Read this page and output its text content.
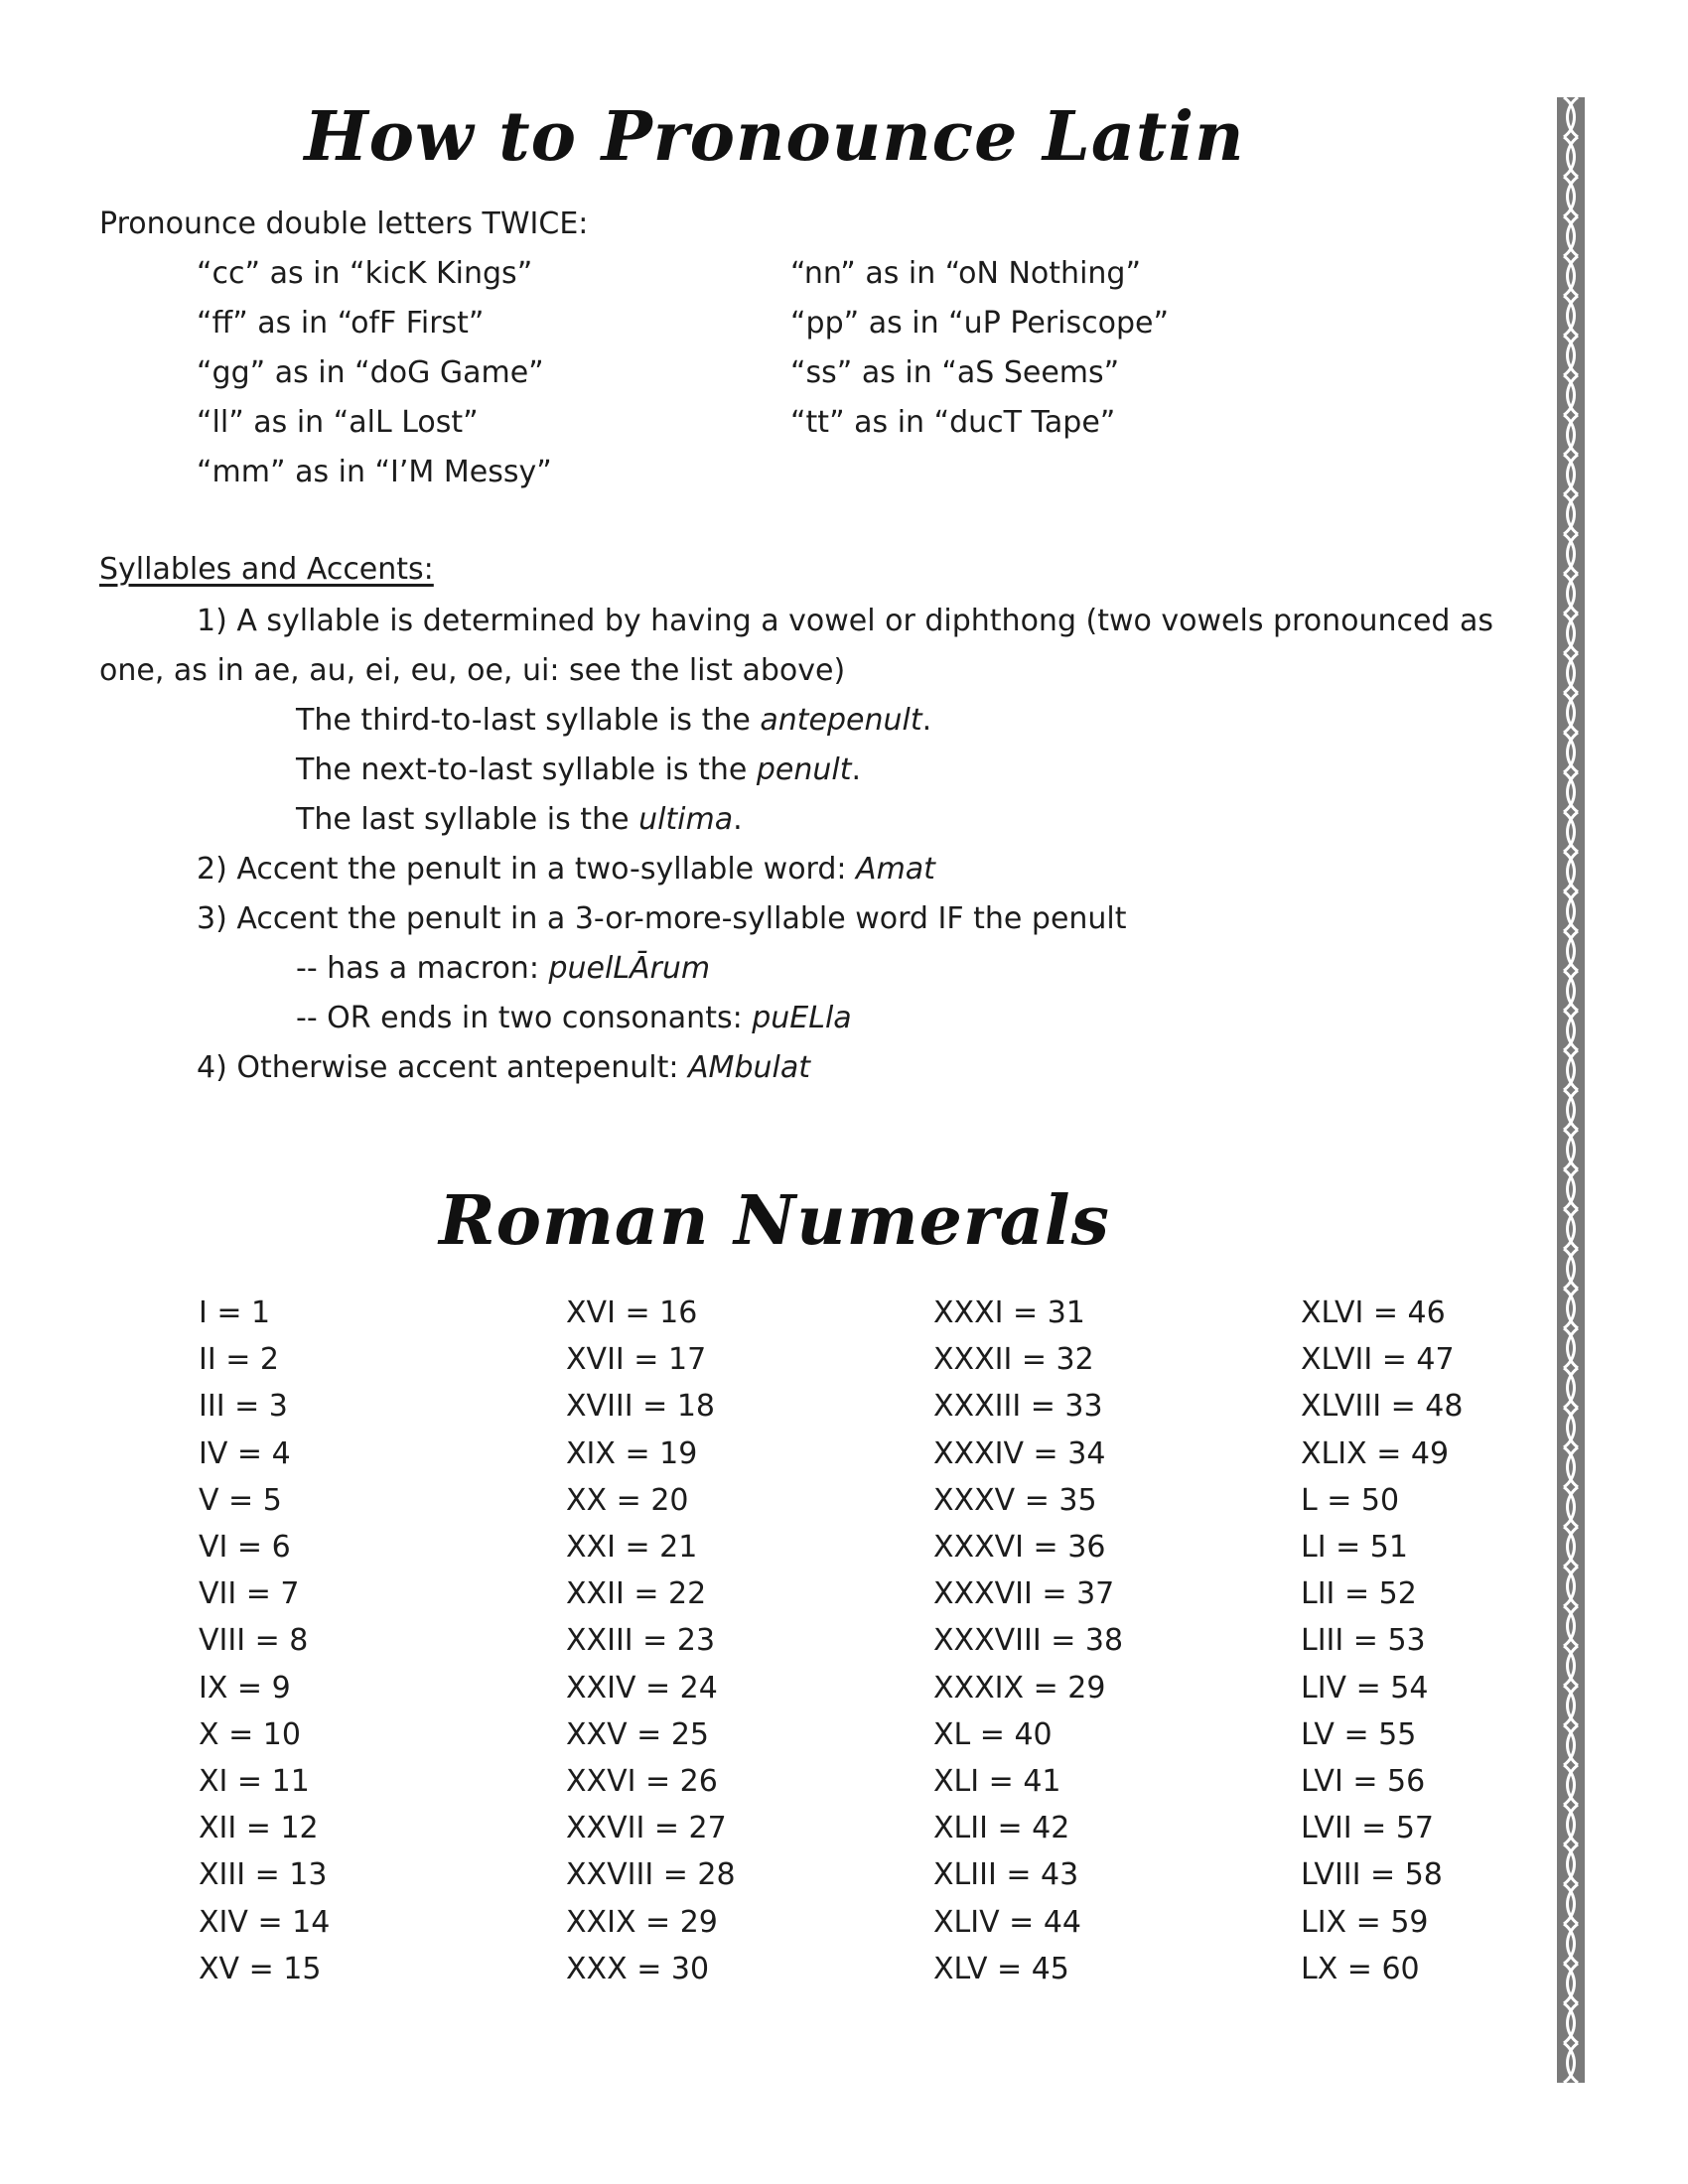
How to Pronounce Latin
Pronounce double letters TWICE:
“cc” as in “kicK Kings”
“ff” as in “ofF First”
“gg” as in “doG Game”
“ll” as in “alL Lost”
“mm” as in “I’M Messy”
“nn” as in “oN Nothing”
“pp” as in “uP Periscope”
“ss” as in “aS Seems”
“tt” as in “ducT Tape”
Syllables and Accents:
1) A syllable is determined by having a vowel or diphthong (two vowels pronounced as
one, as in ae, au, ei, eu, oe, ui: see the list above)
The third-to-last syllable is the antepenult.
The next-to-last syllable is the penult.
The last syllable is the ultima.
2) Accent the penult in a two-syllable word: Amat
3) Accent the penult in a 3-or-more-syllable word IF the penult
-- has a macron: puelLĀrum
-- OR ends in two consonants: puELla
4) Otherwise accent antepenult: AMbulat
Roman Numerals
I = 1
II = 2
III = 3
IV = 4
V = 5
VI = 6
VII = 7
VIII = 8
IX = 9
X = 10
XI = 11
XII = 12
XIII = 13
XIV = 14
XV = 15
XVI = 16
XVII = 17
XVIII = 18
XIX = 19
XX = 20
XXI = 21
XXII = 22
XXIII = 23
XXIV = 24
XXV = 25
XXVI = 26
XXVII = 27
XXVIII = 28
XXIX = 29
XXX = 30
XXXI = 31
XXXII = 32
XXXIII = 33
XXXIV = 34
XXXV = 35
XXXVI = 36
XXXVII = 37
XXXVIII = 38
XXXIX = 29
XL = 40
XLI = 41
XLII = 42
XLIII = 43
XLIV = 44
XLV = 45
XLVI = 46
XLVII = 47
XLVIII = 48
XLIX = 49
L = 50
LI = 51
LII = 52
LIII = 53
LIV = 54
LV = 55
LVI = 56
LVII = 57
LVIII = 58
LIX = 59
LX = 60
